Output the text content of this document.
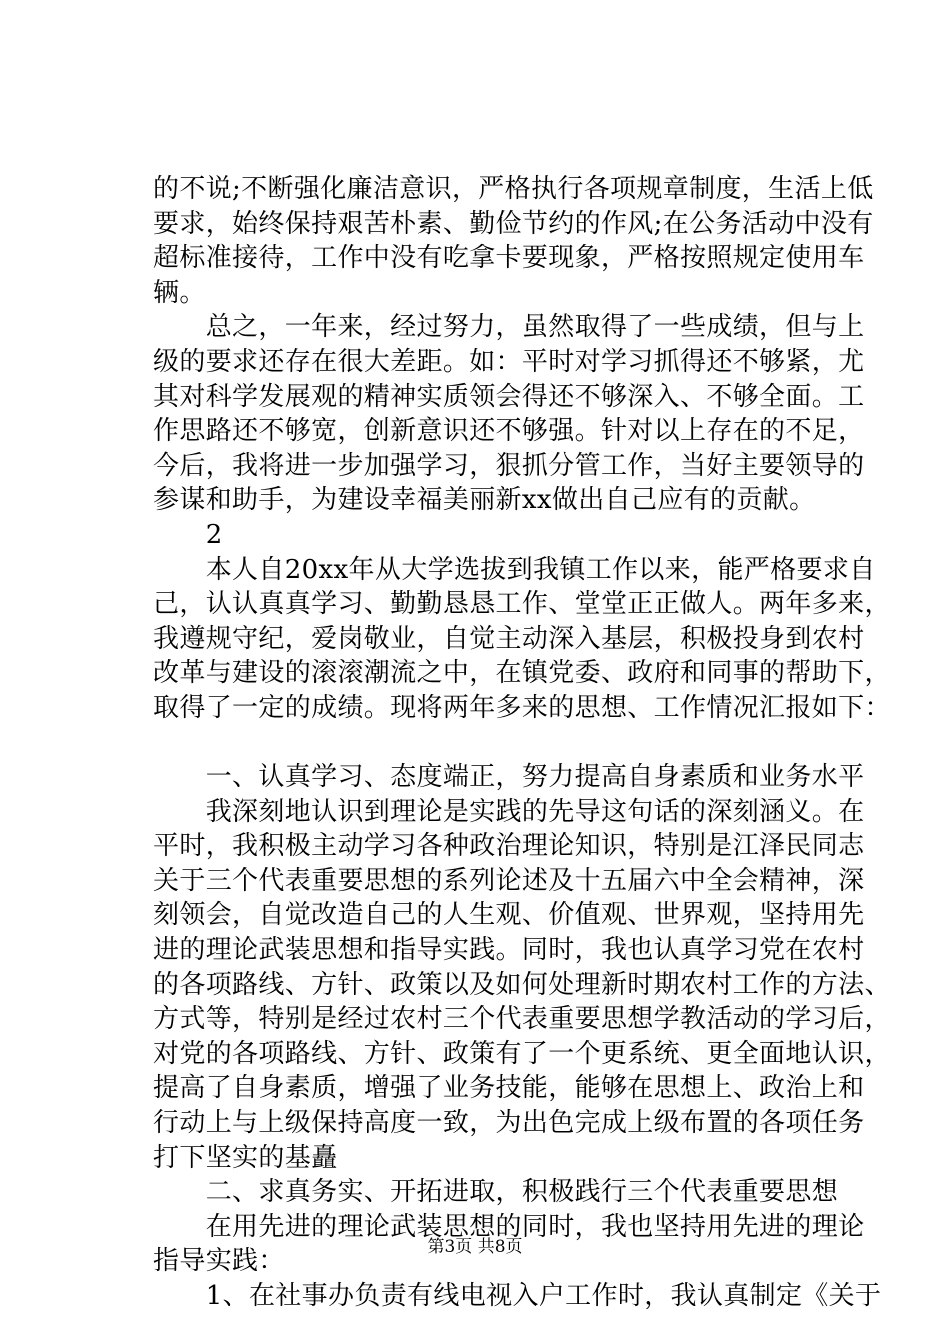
的不说;不断强化廉洁意识，严格执行各项规章制度，生活上低
要求，始终保持艰苦朴素、勤俭节约的作风;在公务活动中没有
超标准接待，工作中没有吃拿卡要现象，严格按照规定使用车
辆。
　　总之，一年来，经过努力，虽然取得了一些成绩，但与上
级的要求还存在很大差距。如：平时对学习抓得还不够紧，尤
其对科学发展观的精神实质领会得还不够深入、不够全面。工
作思路还不够宽，创新意识还不够强。针对以上存在的不足，
今后，我将进一步加强学习，狠抓分管工作，当好主要领导的
参谋和助手，为建设幸福美丽新xx做出自己应有的贡献。
　　2
　　本人自20xx年从大学选拔到我镇工作以来，能严格要求自
己，认认真真学习、勤勤恳恳工作、堂堂正正做人。两年多来，
我遵规守纪，爱岗敬业，自觉主动深入基层，积极投身到农村
改革与建设的滚滚潮流之中，在镇党委、政府和同事的帮助下，
取得了一定的成绩。现将两年多来的思想、工作情况汇报如下：
　　一、认真学习、态度端正，努力提高自身素质和业务水平
　　我深刻地认识到理论是实践的先导这句话的深刻涵义。在
平时，我积极主动学习各种政治理论知识，特别是江泽民同志
关于三个代表重要思想的系列论述及十五届六中全会精神，深
刻领会，自觉改造自己的人生观、价值观、世界观，坚持用先
进的理论武装思想和指导实践。同时，我也认真学习党在农村
的各项路线、方针、政策以及如何处理新时期农村工作的方法、
方式等，特别是经过农村三个代表重要思想学教活动的学习后，
对党的各项路线、方针、政策有了一个更系统、更全面地认识，
提高了自身素质，增强了业务技能，能够在思想上、政治上和
行动上与上级保持高度一致，为出色完成上级布置的各项任务
打下坚实的基矗
　　二、求真务实、开拓进取，积极践行三个代表重要思想
　　在用先进的理论武装思想的同时，我也坚持用先进的理论
指导实践：
　　1、在社事办负责有线电视入户工作时，我认真制定《关于
第3页 共8页
